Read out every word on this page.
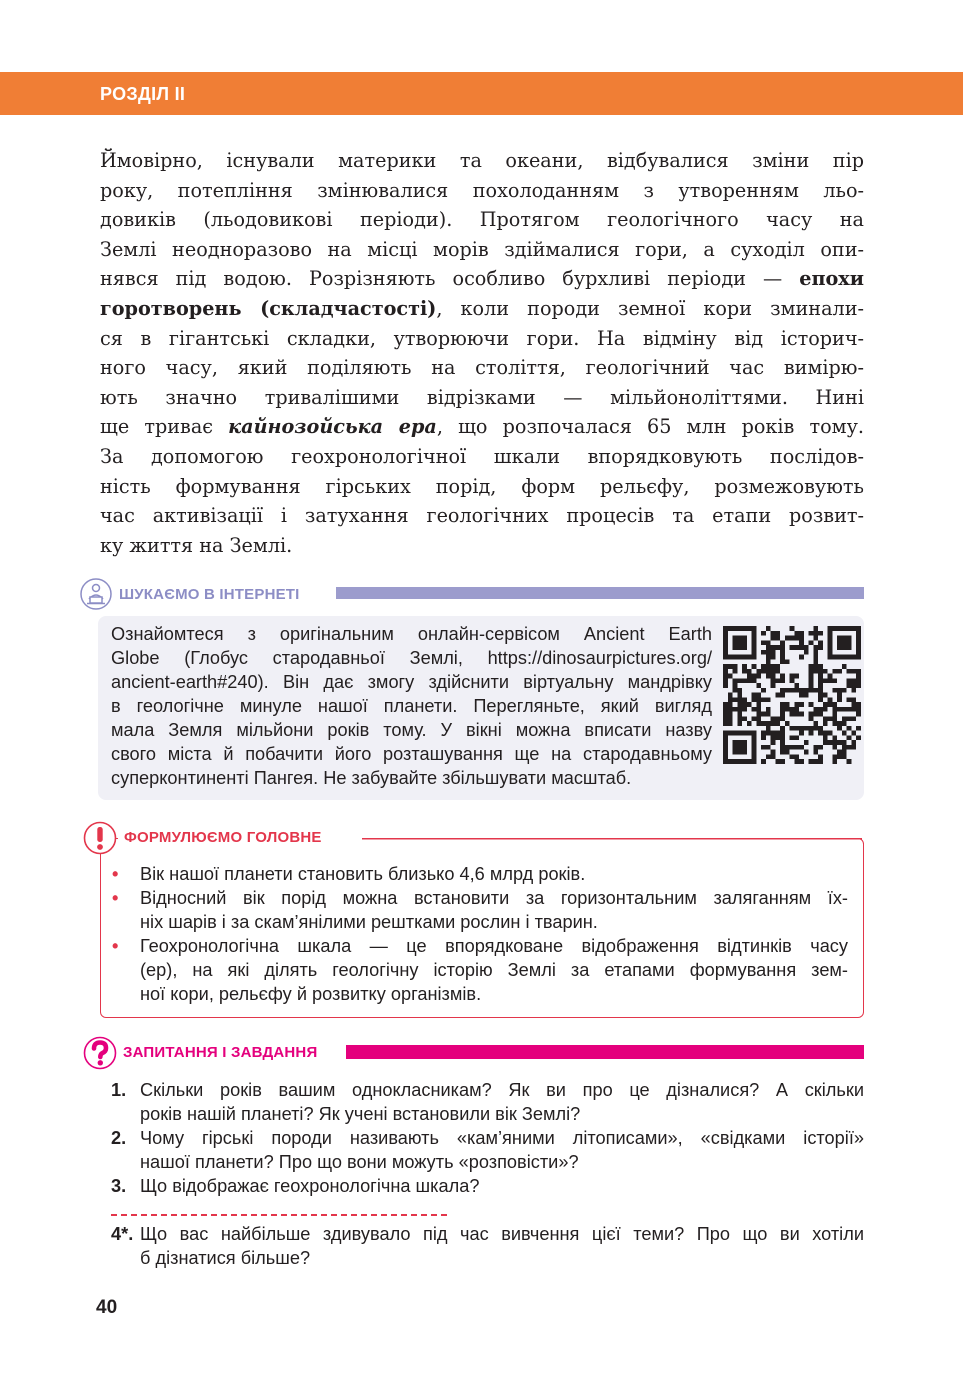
РОЗДІЛ II
Ймовірно, існували материки та океани, відбувалися зміни пір
року, потепління змінювалися похолоданням з утворенням льо-
довиків (льодовикові періоди). Протягом геологічного часу на
Землі неодноразово на місці морів здіймалися гори, а суходіл опи-
нявся під водою. Розрізняють особливо бурхливі періоди — епохи
горотворень (складчастості), коли породи земної кори зминали-
ся в гігантські складки, утворюючи гори. На відміну від історич-
ного часу, який поділяють на століття, геологічний час вимірю-
ють значно тривалішими відрізками — мільйоноліттями. Нині
ще триває кайнозойська ера, що розпочалася 65 млн років тому.
За допомогою геохронологічної шкали впорядковують послідов-
ність формування гірських порід, форм рельєфу, розмежовують
час активізації і затухання геологічних процесів та етапи розвит-
ку життя на Землі.
ШУКАЄМО В ІНТЕРНЕТІ
Ознайомтеся з оригінальним онлайн-сервісом Ancient Earth
Globe (Глобус стародавньої Землі, https://dinosaurpictures.org/
ancient-earth#240). Він дає змогу здійснити віртуальну мандрівку
в геологічне минуле нашої планети. Перегляньте, який вигляд
мала Земля мільйони років тому. У вікні можна вписати назву
свого міста й побачити його розташування ще на стародавньому
суперконтиненті Пангея. Не забувайте збільшувати масштаб.
ФОРМУЛЮЄМО ГОЛОВНЕ
• Вік нашої планети становить близько 4,6 млрд років.
• Відносний вік порід можна встановити за горизонтальним заляганням їх-
ніх шарів і за скам’янілими рештками рослин і тварин.
• Геохронологічна шкала — це впорядковане відображення відтинків часу
(ер), на які ділять геологічну історію Землі за етапами формування зем-
ної кори, рельєфу й розвитку організмів.
ЗАПИТАННЯ І ЗАВДАННЯ
1. Скільки років вашим однокласникам? Як ви про це дізналися? А скільки
років нашій планеті? Як учені встановили вік Землі?
2. Чому гірські породи називають «кам’яними літописами», «свідками історії»
нашої планети? Про що вони можуть «розповісти»?
3. Що відображає геохронологічна шкала?
4*. Що вас найбільше здивувало під час вивчення цієї теми? Про що ви хотіли
б дізнатися більше?
40
